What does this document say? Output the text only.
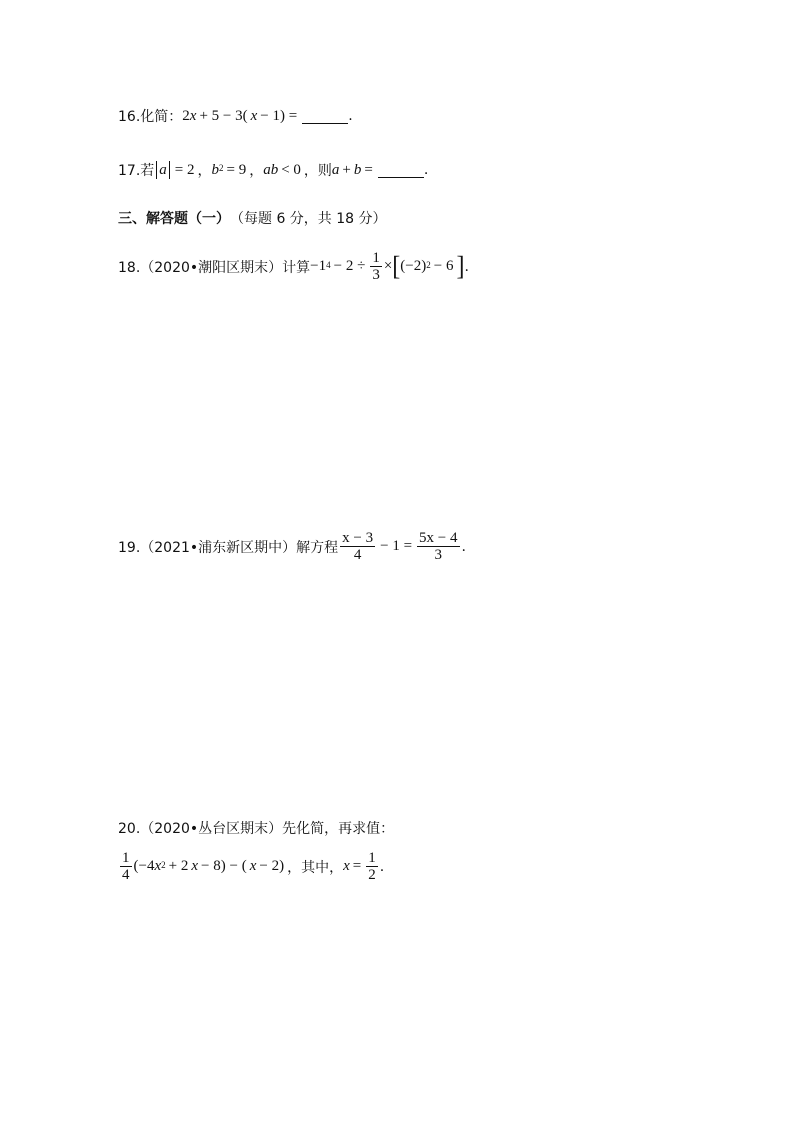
16.化简： 2 x + 5 − 3( x − 1) =	.
17.若 a = 2 ， $b^2 = 9$ ， ab < 0 ，则 a + b =	.
三、解答题（一） （每题 6 分，共 18 分）
18.（2020•潮阳区期末）计算 $-1^4 - 2 \div \frac{1}{3}$ × [ $(-2)^2 - 6$ ] .
19.（2021•浦东新区期中）解方程 $\frac{x - 3}{4} - 1 = \frac{5x - 4}{3}$ .
20.（2020•丛台区期末）先化简，再求值：
$\frac{1}{4} (-4$ $x^2 + 2$ x − 8) − ( x − 2) ，其中， $x = \frac{1}{2}$ .
